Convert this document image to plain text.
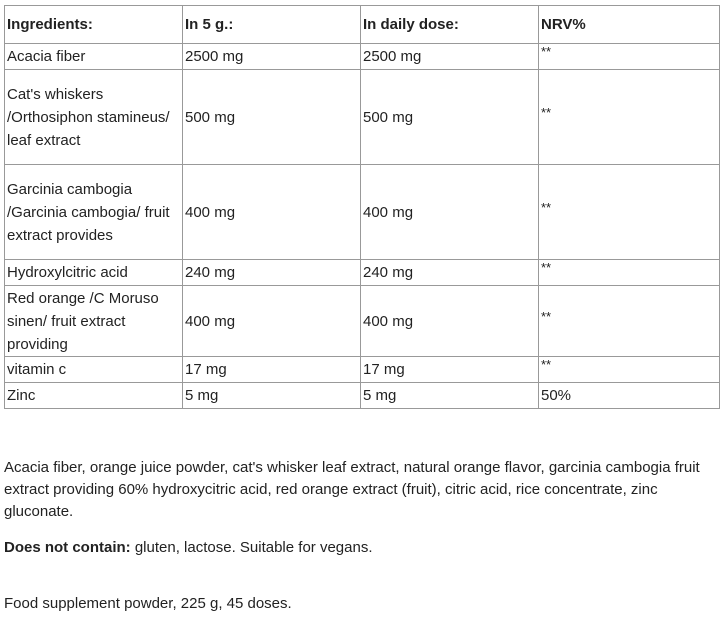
Ingredients:	In 5 g.:	In daily dose:	NRV%
Acacia fiber	2500 mg	2500 mg	**
Cat's whiskers /Orthosiphon stamineus/ leaf extract	500 mg	500 mg	**
Garcinia cambogia /Garcinia cambogia/ fruit extract provides	400 mg	400 mg	**
Hydroxylcitric acid	240 mg	240 mg	**
Red orange /C Moruso sinen/ fruit extract providing	400 mg	400 mg	**
vitamin c	17 mg	17 mg	**
Zinc	5 mg	5 mg	50%

Acacia fiber, orange juice powder, cat's whisker leaf extract, natural orange flavor, garcinia cambogia fruit extract providing 60% hydroxycitric acid, red orange extract (fruit), citric acid, rice concentrate, zinc gluconate.

Does not contain: gluten, lactose. Suitable for vegans.

Food supplement powder, 225 g, 45 doses.
